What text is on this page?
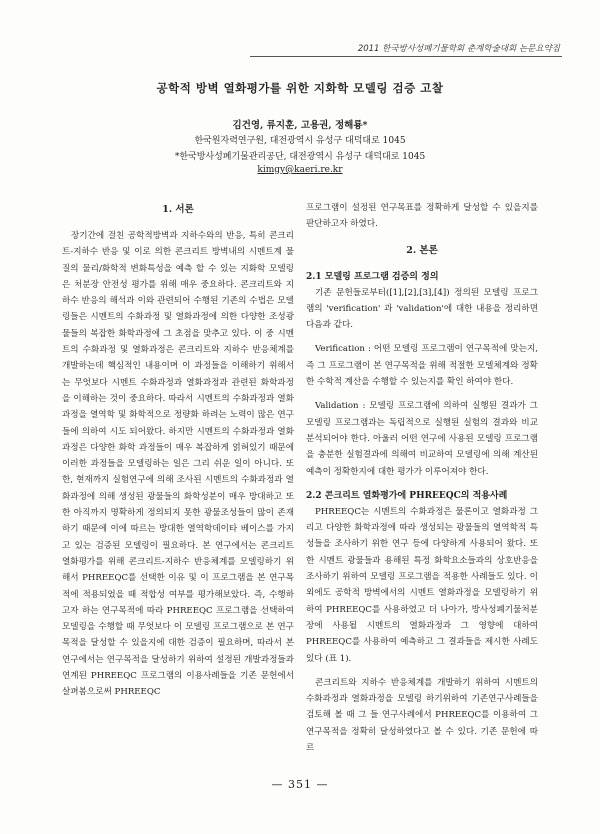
2011 한국방사성폐기물학회 춘계학술대회 논문요약집
공학적 방벽 열화평가를 위한 지화학 모델링 검증 고찰
김건영, 류지훈, 고용권, 정해룡*
한국원자력연구원, 대전광역시 유성구 대덕대로 1045
*한국방사성폐기물관리공단, 대전광역시 유성구 대덕대로 1045
kimgy@kaeri.re.kr
1. 서론

장기간에 걸친 공학적방벽과 지하수와의 반응, 특히 콘크리트-지하수 반응 및 이로 의한 콘크리트 방벽내의 시멘트계 물질의 물리/화학적 변화특성을 예측 할 수 있는 지화학 모델링은 처분장 안전성 평가를 위해 매우 중요하다. 콘크리트와 지하수 반응의 해석과 이와 관련되어 수행된 기존의 수법은 모델링들은 시멘트의 수화과정 및 열화과정에 의한 다양한 조성광물들의 복잡한 화학과정에 그 초점을 맞추고 있다. 이 중 시멘트의 수화과정 및 열화과정은 콘크리트와 지하수 반응체계를 개발하는데 핵심적인 내용이며 이 과정들을 이해하기 위해서는 무엇보다 시멘트 수화과정과 열화과정과 관련된 화학과정을 이해하는 것이 중요하다. 따라서 시멘트의 수화과정과 열화과정을 열역학 및 화학적으로 정량화 하려는 노력이 많은 연구들에 의하여 시도 되어왔다. 하지만 시멘트의 수화과정과 열화과정은 다양한 화학 과정들이 매우 복잡하게 얽혀있기 때문에 이러한 과정들을 모델링하는 일은 그리 쉬운 일이 아니다. 또한, 현재까지 실험연구에 의해 조사된 시멘트의 수화과정과 열화과정에 의해 생성된 광물들의 화학성분이 매우 방대하고 또한 아직까지 명확하게 정의되지 못한 광물조성들이 많이 존재하기 때문에 이에 따르는 방대한 열역학데이타 베이스를 가지고 있는 검증된 모델링이 필요하다. 본 연구에서는 콘크리트 열화평가를 위해 콘크리트-지하수 반응체계를 모델링하기 위해서 PHREEQC를 선택한 이유 및 이 프로그램을 본 연구목적에 적용되었을 때 적합성 여부를 평가해보았다. 즉, 수행하고자 하는 연구목적에 따라 PHREEQC 프로그램을 선택하여 모델링을 수행할 때 무엇보다 이 모델링 프로그램으로 본 연구목적을 달성할 수 있을지에 대한 검증이 필요하며, 따라서 본 연구에서는 연구목적을 달성하기 위하여 설정된 개발과정들과 연계된 PHREEQC 프로그램의 이용사례들을 기존 문헌에서 살펴봄으로써 PHREEQC

프로그램이 설정된 연구목표를 정확하게 달성할 수 있을지를 판단하고자 하였다.

2. 본론
2.1 모델링 프로그램 검증의 정의

기존 문헌들로부터([1],[2],[3],[4]) 정의된 모델링 프로그램의 'verification' 과 'validation'에 대한 내용을 정리하면 다음과 같다.

Verification : 어떤 모델링 프로그램이 연구목적에 맞는지, 즉 그 프로그램이 본 연구목적을 위해 적절한 모델체계와 정확한 수학적 계산을 수행할 수 있는지를 확인 하여야 한다.

Validation : 모델링 프로그램에 의하여 실행된 결과가 그 모델링 프로그램과는 독립적으로 실행된 실험의 결과와 비교 분석되어야 한다. 아울러 어떤 연구에 사용된 모델링 프로그램을 충분한 실험결과에 의해여 비교하여 모델링에 의해 계산된 예측이 정확한지에 대한 평가가 이루어져야 한다.

2.2 콘크리트 열화평가에 PHREEQC의 적용사례

PHREEQC는 시멘트의 수화과정은 물론이고 열화과정 그리고 다양한 화학과정에 따라 생성되는 광물들의 열역학적 특성들을 조사하기 위한 연구 등에 다양하게 사용되어 왔다. 또한 시멘트 광물들과 용해된 특정 화학요소들과의 상호반응을 조사하기 위하여 모델링 프로그램을 적용한 사례들도 있다. 이외에도 공학적 방벽에서의 시멘트 열화과정을 모델링하기 위하여 PHREEQC를 사용하였고 더 나아가, 방사성폐기물처분장에 사용될 시멘트의 열화과정과 그 영향에 대하여 PHREEQC를 사용하여 예측하고 그 결과들을 제시한 사례도 있다 (표 1).

콘크리트와 지하수 반응체계를 개발하기 위하여 시멘트의 수화과정과 열화과정을 모델링 하기위하여 기존연구사례들을 검토해 볼 때 그 들 연구사례에서 PHREEQC를 이용하여 그 연구목적을 정확히 달성하였다고 볼 수 있다. 기존 문헌에 따르

— 351 —
